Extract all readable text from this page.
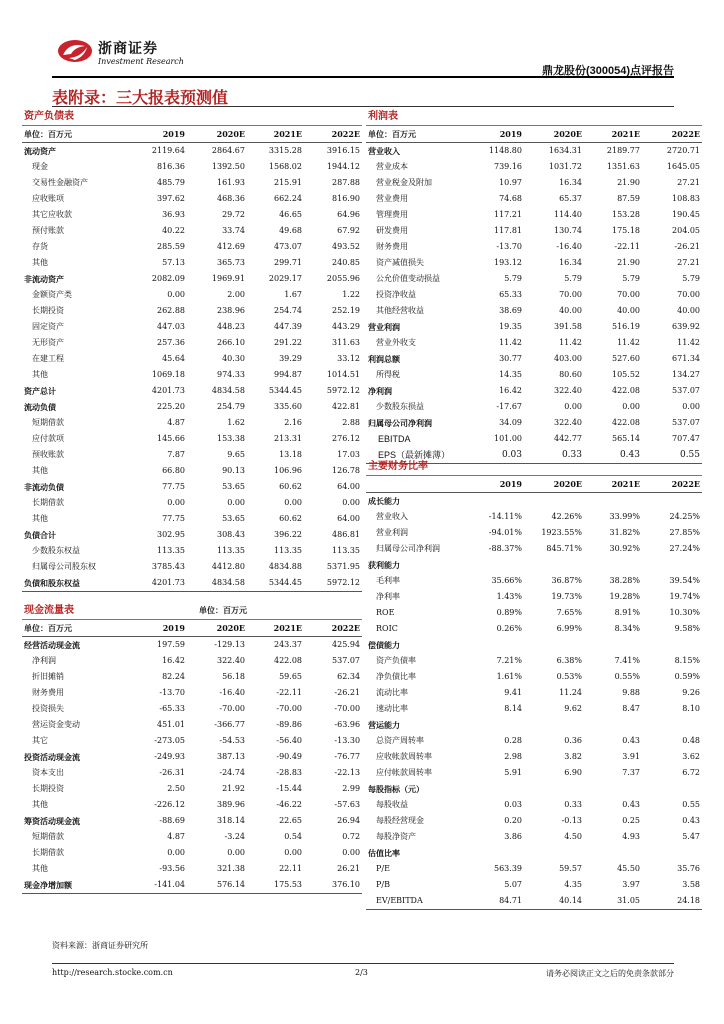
浙商证券
Investment Research
鼎龙股份(300054)点评报告
表附录：三大报表预测值
资产负债表				
单位：百万元	2019	2020E	2021E	2022E
流动资产	2119.64	2864.67	3315.28	3916.15
现金	816.36	1392.50	1568.02	1944.12
交易性金融资产	485.79	161.93	215.91	287.88
应收账项	397.62	468.36	662.24	816.90
其它应收款	36.93	29.72	46.65	64.96
预付账款	40.22	33.74	49.68	67.92
存货	285.59	412.69	473.07	493.52
其他	57.13	365.73	299.71	240.85
非流动资产	2082.09	1969.91	2029.17	2055.96
金额资产类	0.00	2.00	1.67	1.22
长期投资	262.88	238.96	254.74	252.19
固定资产	447.03	448.23	447.39	443.29
无形资产	257.36	266.10	291.22	311.63
在建工程	45.64	40.30	39.29	33.12
其他	1069.18	974.33	994.87	1014.51
资产总计	4201.73	4834.58	5344.45	5972.12
流动负债	225.20	254.79	335.60	422.81
短期借款	4.87	1.62	2.16	2.88
应付款项	145.66	153.38	213.31	276.12
预收账款	7.87	9.65	13.18	17.03
其他	66.80	90.13	106.96	126.78
非流动负债	77.75	53.65	60.62	64.00
长期借款	0.00	0.00	0.00	0.00
其他	77.75	53.65	60.62	64.00
负债合计	302.95	308.43	396.22	486.81
少数股东权益	113.35	113.35	113.35	113.35
归属母公司股东权	3785.43	4412.80	4834.88	5371.95
负债和股东权益	4201.73	4834.58	5344.45	5972.12
现金流量表		单位：百万元		
单位：百万元	2019	2020E	2021E	2022E
经营活动现金流	197.59	-129.13	243.37	425.94
净利润	16.42	322.40	422.08	537.07
折旧摊销	82.24	56.18	59.65	62.34
财务费用	-13.70	-16.40	-22.11	-26.21
投资损失	-65.33	-70.00	-70.00	-70.00
营运资金变动	451.01	-366.77	-89.86	-63.96
其它	-273.05	-54.53	-56.40	-13.30
投资活动现金流	-249.93	387.13	-90.49	-76.77
资本支出	-26.31	-24.74	-28.83	-22.13
长期投资	2.50	21.92	-15.44	2.99
其他	-226.12	389.96	-46.22	-57.63
筹资活动现金流	-88.69	318.14	22.65	26.94
短期借款	4.87	-3.24	0.54	0.72
长期借款	0.00	0.00	0.00	0.00
其他	-93.56	321.38	22.11	26.21
现金净增加额	-141.04	576.14	175.53	376.10
利润表				
单位：百万元	2019	2020E	2021E	2022E
营业收入	1148.80	1634.31	2189.77	2720.71
营业成本	739.16	1031.72	1351.63	1645.05
营业税金及附加	10.97	16.34	21.90	27.21
营业费用	74.68	65.37	87.59	108.83
管理费用	117.21	114.40	153.28	190.45
研发费用	117.81	130.74	175.18	204.05
财务费用	-13.70	-16.40	-22.11	-26.21
资产减值损失	193.12	16.34	21.90	27.21
公允价值变动损益	5.79	5.79	5.79	5.79
投资净收益	65.33	70.00	70.00	70.00
其他经营收益	38.69	40.00	40.00	40.00
营业利润	19.35	391.58	516.19	639.92
营业外收支	11.42	11.42	11.42	11.42
利润总额	30.77	403.00	527.60	671.34
所得税	14.35	80.60	105.52	134.27
净利润	16.42	322.40	422.08	537.07
少数股东损益	-17.67	0.00	0.00	0.00
归属母公司净利润	34.09	322.40	422.08	537.07
EBITDA	101.00	442.77	565.14	707.47
EPS（最新摊薄）	0.03	0.33	0.43	0.55
主要财务比率				
	2019	2020E	2021E	2022E
成长能力				
营业收入	-14.11%	42.26%	33.99%	24.25%
营业利润	-94.01%	1923.55%	31.82%	27.85%
归属母公司净利润	-88.37%	845.71%	30.92%	27.24%
获利能力				
毛利率	35.66%	36.87%	38.28%	39.54%
净利率	1.43%	19.73%	19.28%	19.74%
ROE	0.89%	7.65%	8.91%	10.30%
ROIC	0.26%	6.99%	8.34%	9.58%
偿债能力				
资产负债率	7.21%	6.38%	7.41%	8.15%
净负债比率	1.61%	0.53%	0.55%	0.59%
流动比率	9.41	11.24	9.88	9.26
速动比率	8.14	9.62	8.47	8.10
营运能力				
总资产周转率	0.28	0.36	0.43	0.48
应收帐款周转率	2.98	3.82	3.91	3.62
应付帐款周转率	5.91	6.90	7.37	6.72
每股指标（元）				
每股收益	0.03	0.33	0.43	0.55
每股经营现金	0.20	-0.13	0.25	0.43
每股净资产	3.86	4.50	4.93	5.47
估值比率				
P/E	563.39	59.57	45.50	35.76
P/B	5.07	4.35	3.97	3.58
EV/EBITDA	84.71	40.14	31.05	24.18
资料来源：浙商证券研究所
http://research.stocke.com.cn	2/3	请务必阅读正文之后的免责条款部分
